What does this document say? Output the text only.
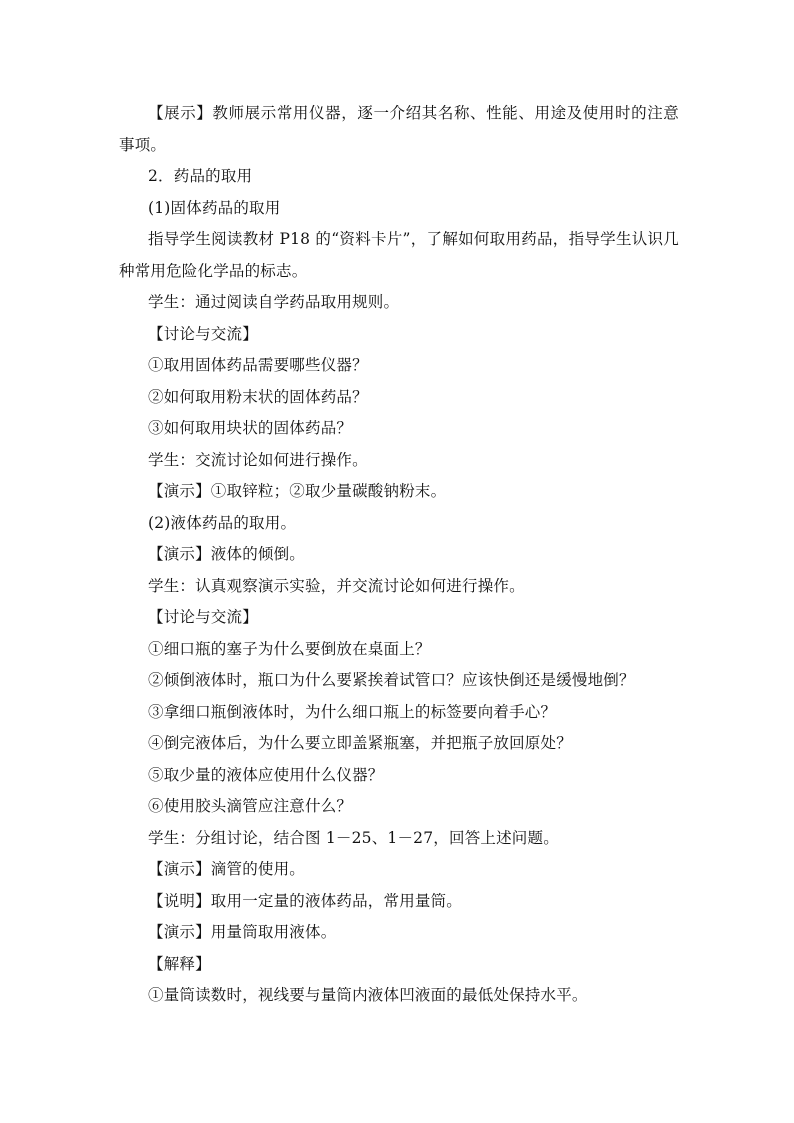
【展示】教师展示常用仪器，逐一介绍其名称、性能、用途及使用时的注意事项。
2．药品的取用
(1)固体药品的取用
指导学生阅读教材 P18 的“资料卡片”，了解如何取用药品，指导学生认识几种常用危险化学品的标志。
学生：通过阅读自学药品取用规则。
【讨论与交流】
①取用固体药品需要哪些仪器？
②如何取用粉末状的固体药品？
③如何取用块状的固体药品？
学生：交流讨论如何进行操作。
【演示】①取锌粒；②取少量碳酸钠粉末。
(2)液体药品的取用。
【演示】液体的倾倒。
学生：认真观察演示实验，并交流讨论如何进行操作。
【讨论与交流】
①细口瓶的塞子为什么要倒放在桌面上？
②倾倒液体时，瓶口为什么要紧挨着试管口？应该快倒还是缓慢地倒？
③拿细口瓶倒液体时，为什么细口瓶上的标签要向着手心？
④倒完液体后，为什么要立即盖紧瓶塞，并把瓶子放回原处？
⑤取少量的液体应使用什么仪器？
⑥使用胶头滴管应注意什么？
学生：分组讨论，结合图 1－25、1－27，回答上述问题。
【演示】滴管的使用。
【说明】取用一定量的液体药品，常用量筒。
【演示】用量筒取用液体。
【解释】
①量筒读数时，视线要与量筒内液体凹液面的最低处保持水平。
